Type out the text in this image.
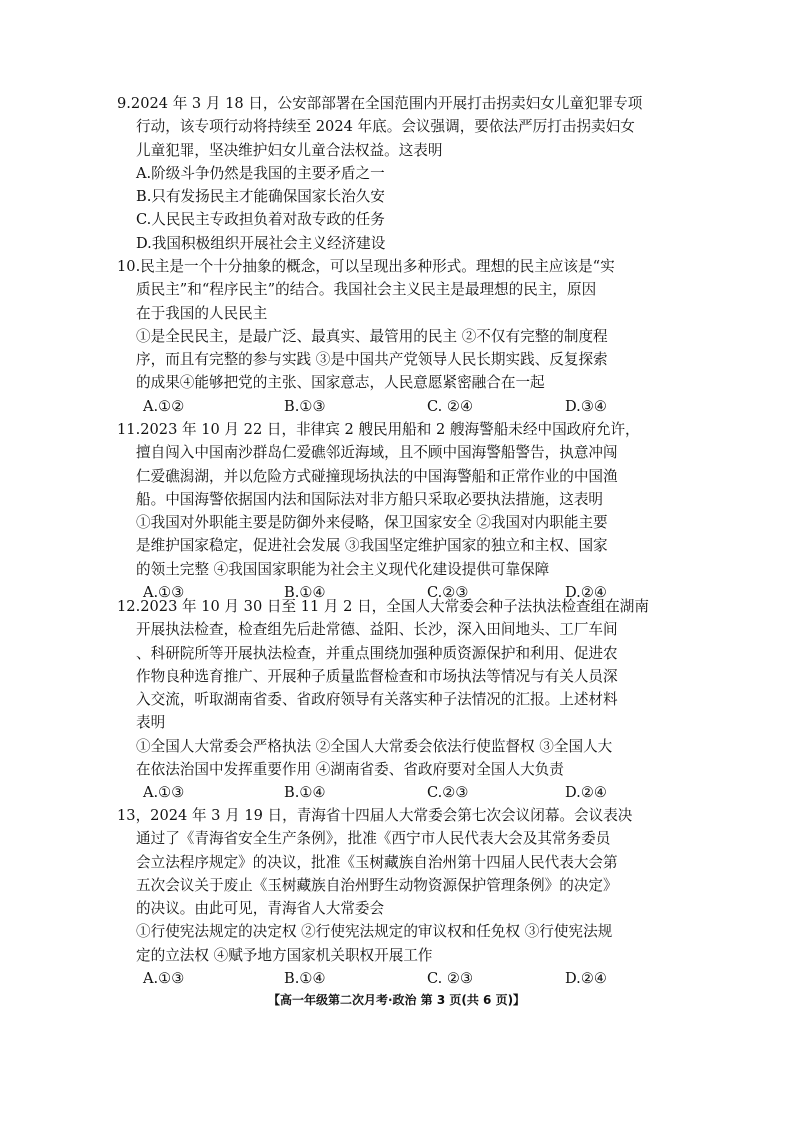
9.2024 年 3 月 18 日，公安部部署在全国范围内开展打击拐卖妇女儿童犯罪专项
行动，该专项行动将持续至 2024 年底。会议强调，要依法严厉打击拐卖妇女
儿童犯罪，坚决维护妇女儿童合法权益。这表明
A.阶级斗争仍然是我国的主要矛盾之一
B.只有发扬民主才能确保国家长治久安
C.人民民主专政担负着对敌专政的任务
D.我国积极组织开展社会主义经济建设
10.民主是一个十分抽象的概念，可以呈现出多种形式。理想的民主应该是“实
质民主”和“程序民主”的结合。我国社会主义民主是最理想的民主，原因
在于我国的人民民主
①是全民民主，是最广泛、最真实、最管用的民主 ②不仅有完整的制度程
序，而且有完整的参与实践 ③是中国共产党领导人民长期实践、反复探索
的成果④能够把党的主张、国家意志，人民意愿紧密融合在一起
A.①②	B.①③	C. ②④	D.③④
11.2023 年 10 月 22 日，非律宾 2 艘民用船和 2 艘海警船未经中国政府允许，
擅自闯入中国南沙群岛仁爱礁邻近海域，且不顾中国海警船警告，执意冲闯
仁爱礁潟湖，并以危险方式碰撞现场执法的中国海警船和正常作业的中国渔
船。中国海警依据国内法和国际法对非方船只采取必要执法措施，这表明
①我国对外职能主要是防御外来侵略，保卫国家安全 ②我国对内职能主要
是维护国家稳定，促进社会发展 ③我国坚定维护国家的独立和主权、国家
的领土完整 ④我国国家职能为社会主义现代化建设提供可靠保障
A.①③	B.①④	C.②③	D.②④
12.2023 年 10 月 30 日至 11 月 2 日，全国人大常委会种子法执法检查组在湖南
开展执法检查，检查组先后赴常德、益阳、长沙，深入田间地头、工厂车间
、科研院所等开展执法检查，并重点围绕加强种质资源保护和利用、促进农
作物良种选育推广、开展种子质量监督检查和市场执法等情况与有关人员深
入交流，听取湖南省委、省政府领导有关落实种子法情况的汇报。上述材料
表明
①全国人大常委会严格执法 ②全国人大常委会依法行使监督权 ③全国人大
在依法治国中发挥重要作用 ④湖南省委、省政府要对全国人大负责
A.①③	B.①④	C.②③	D.②④
13，2024 年 3 月 19 日，青海省十四届人大常委会第七次会议闭幕。会议表决
通过了《青海省安全生产条例》，批准《西宁市人民代表大会及其常务委员
会立法程序规定》的决议，批准《玉树藏族自治州第十四届人民代表大会第
五次会议关于废止《玉树藏族自治州野生动物资源保护管理条例》的决定》
的决议。由此可见，青海省人大常委会
①行使宪法规定的决定权 ②行使宪法规定的审议权和任免权 ③行使宪法规
定的立法权 ④赋予地方国家机关职权开展工作
A.①③	B.①④	C. ②③	D.②④
【高一年级第二次月考·政治 第 3 页(共 6 页)】
